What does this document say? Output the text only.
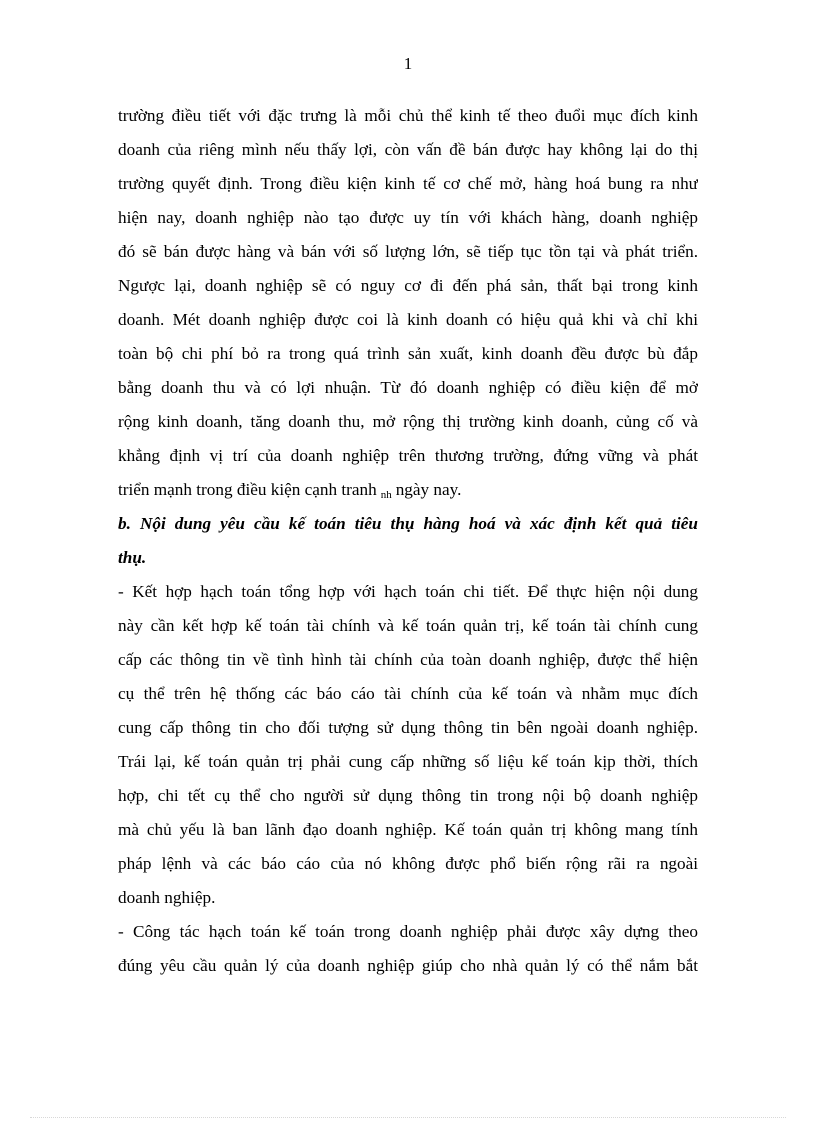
1
trường điều tiết với đặc trưng là mỗi chủ thể kinh tế theo đuổi mục đích kinh
doanh của riêng mình nếu thấy lợi, còn vấn đề bán được hay không lại do thị
trường quyết định. Trong điều kiện kinh tế cơ chế mở, hàng hoá bung ra như
hiện nay, doanh nghiệp nào tạo được uy tín với khách hàng, doanh nghiệp
đó sẽ bán được hàng và bán với số lượng lớn, sẽ tiếp tục tồn tại và phát triển.
Ngược lại, doanh nghiệp sẽ có nguy cơ đi đến phá sản, thất bại trong kinh
doanh. Mét doanh nghiệp được coi là kinh doanh có hiệu quả khi và chỉ khi
toàn bộ chi phí bỏ ra trong quá trình sản xuất, kinh doanh đều được bù đắp
bằng doanh thu và có lợi nhuận. Từ đó doanh nghiệp có điều kiện để mở
rộng kinh doanh, tăng doanh thu, mở rộng thị trường kinh doanh, củng cố và
khẳng định vị trí của doanh nghiệp trên thương trường, đứng vững và phát
triển mạnh trong điều kiện cạnh tranh $_{nh}$ ngày nay.
b. Nội dung yêu cầu kế toán tiêu thụ hàng hoá và xác định kết quả tiêu
thụ.
- Kết hợp hạch toán tổng hợp với hạch toán chi tiết. Để thực hiện nội dung
này cần kết hợp kế toán tài chính và kế toán quản trị, kế toán tài chính cung
cấp các thông tin về tình hình tài chính của toàn doanh nghiệp, được thể hiện
cụ thể trên hệ thống các báo cáo tài chính của kế toán và nhằm mục đích
cung cấp thông tin cho đối tượng sử dụng thông tin bên ngoài doanh nghiệp.
Trái lại, kế toán quản trị phải cung cấp những số liệu kế toán kịp thời, thích
hợp, chi tết cụ thể cho người sử dụng thông tin trong nội bộ doanh nghiệp
mà chủ yếu là ban lãnh đạo doanh nghiệp. Kế toán quản trị không mang tính
pháp lệnh và các báo cáo của nó không được phổ biến rộng rãi ra ngoài
doanh nghiệp.
- Công tác hạch toán kế toán trong doanh nghiệp phải được xây dựng theo
đúng yêu cầu quản lý của doanh nghiệp giúp cho nhà quản lý có thể nắm bắt
